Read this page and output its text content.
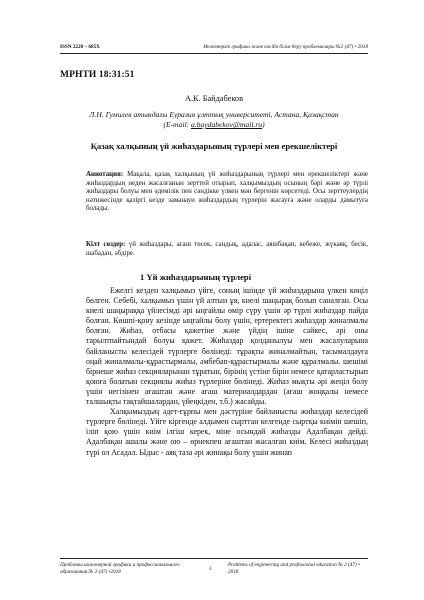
ISSN 2220 – 685X	Инженерлік графика және кәсіби білім беру проблемалары №2 (47) • 2018
МРНТИ 18:31:51
А.К. Байдабеков
Л.Н. Гумилев атындағы Еуразия ұлттық университеті, Астана, Қазақстан
(E-mail: a.baydabekov@mail.ru)
Қазақ халқының үй жиһаздарының түрлері мен ерекшеліктері
Аннотация: Мақала, қазақ халқының үй жиһаздарының түрлері мен ерекшеліктері және жиһаздардың неден жасалғанын зерттей отырып, халқымыздың осының бәрі және әр түрлі жиһаздары болуы мен әдемілік пен сәндікке үлкен мән бергенін көрсетеді. Осы зерттеулердің нәтижесінде қазіргі кезде заманауи жиһаздардың түрлерін жасауға және оларды дамытуға болады.
Кілт сөздер: үй жиһаздары, ағаш төсек, сандық, адалас, аяшбақан, кебеже, жүкаяқ, бесік, шабадан, әбдіре.
1 Үй жиһаздарының түрлері

Ежелгі кезден халқымыз үйге, соның ішінде үй жиһаздарына үлкен көңіл бөлген. Себебі, халқымыз үшін үй алтын ұя, киелі шаңырақ болып саналған. Осы киелі шаңыраққа үйлесімді әрі ыңғайлы өмір сүру үшін әр түрлі жиһаздар пайда болған. Көшпі-қону кезінде ыңғайлы болу үшін, ертеректегі жиһаздар жиналмалы болған. Жиһаз, отбасы қажетіне және үйдің ішіне сәйкес, әрі оны тарылтпайтындай болуы қажет. Жиһаздар қолданылуы мен жасалуларына байланысты келесідей түрлерге бөлінеді: тұрақты жиналмайтын, тасымалдауға оңай жиналмалы-құрастырмалы, әмбебап-құрастырмалы және құралмалы. шешімі бірнеше жиһаз секцияларынан тұратын, бірінің үстіне бірін немесе қатарластырып қоюға болатын секциялы жиһаз түрлеріне бөлінеді. Жиһаз мықты әрі жеңіл болу үшін негізінен ағаштан және ағаш материалдардан (ағаш жоңқалы немесе талшықты тақтайшалардан, үйеңкіден, т.б.) жасайды.

Халқымыздың әдет-ғұрпы мен дәстүріне байланысты жиһаздар келесідей түрлерге бөлінеді. Үйге кіргенде алдымен сырттан келгенде сыртқы киімін шешіп, іліп қою үшін киім ілгіш керек, міне осындай жиһазды Адалбақан дейді. Адалбақан ашалы және ою – өрнекпен ағаштан жасалған киім. Келесі жиһаздың түрі ол Асадал. Ыдыс - аяқ таза әрі жинақы болу үшін жинап

Проблемы инженерной графики и профессионального образования № 2 (47) •2018	3
Problems of engineering and professional education № 2 (47) • 2018
